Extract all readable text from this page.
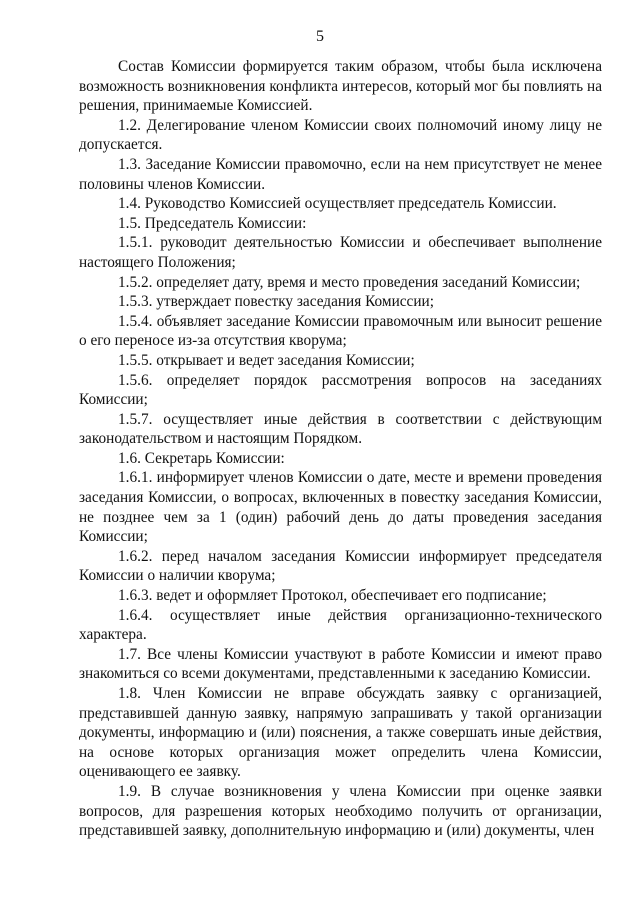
5

Состав Комиссии формируется таким образом, чтобы была исключена возможность возникновения конфликта интересов, который мог бы повлиять на решения, принимаемые Комиссией.

1.2. Делегирование членом Комиссии своих полномочий иному лицу не допускается.

1.3. Заседание Комиссии правомочно, если на нем присутствует не менее половины членов Комиссии.

1.4. Руководство Комиссией осуществляет председатель Комиссии.

1.5. Председатель Комиссии:

1.5.1. руководит деятельностью Комиссии и обеспечивает выполнение настоящего Положения;

1.5.2. определяет дату, время и место проведения заседаний Комиссии;

1.5.3. утверждает повестку заседания Комиссии;

1.5.4. объявляет заседание Комиссии правомочным или выносит решение о его переносе из-за отсутствия кворума;

1.5.5. открывает и ведет заседания Комиссии;

1.5.6. определяет порядок рассмотрения вопросов на заседаниях Комиссии;

1.5.7. осуществляет иные действия в соответствии с действующим законодательством и настоящим Порядком.

1.6. Секретарь Комиссии:

1.6.1. информирует членов Комиссии о дате, месте и времени проведения заседания Комиссии, о вопросах, включенных в повестку заседания Комиссии, не позднее чем за 1 (один) рабочий день до даты проведения заседания Комиссии;

1.6.2. перед началом заседания Комиссии информирует председателя Комиссии о наличии кворума;

1.6.3. ведет и оформляет Протокол, обеспечивает его подписание;

1.6.4. осуществляет иные действия организационно-технического характера.

1.7. Все члены Комиссии участвуют в работе Комиссии и имеют право знакомиться со всеми документами, представленными к заседанию Комиссии.

1.8. Член Комиссии не вправе обсуждать заявку с организацией, представившей данную заявку, напрямую запрашивать у такой организации документы, информацию и (или) пояснения, а также совершать иные действия, на основе которых организация может определить члена Комиссии, оценивающего ее заявку.

1.9. В случае возникновения у члена Комиссии при оценке заявки вопросов, для разрешения которых необходимо получить от организации, представившей заявку, дополнительную информацию и (или) документы, член
